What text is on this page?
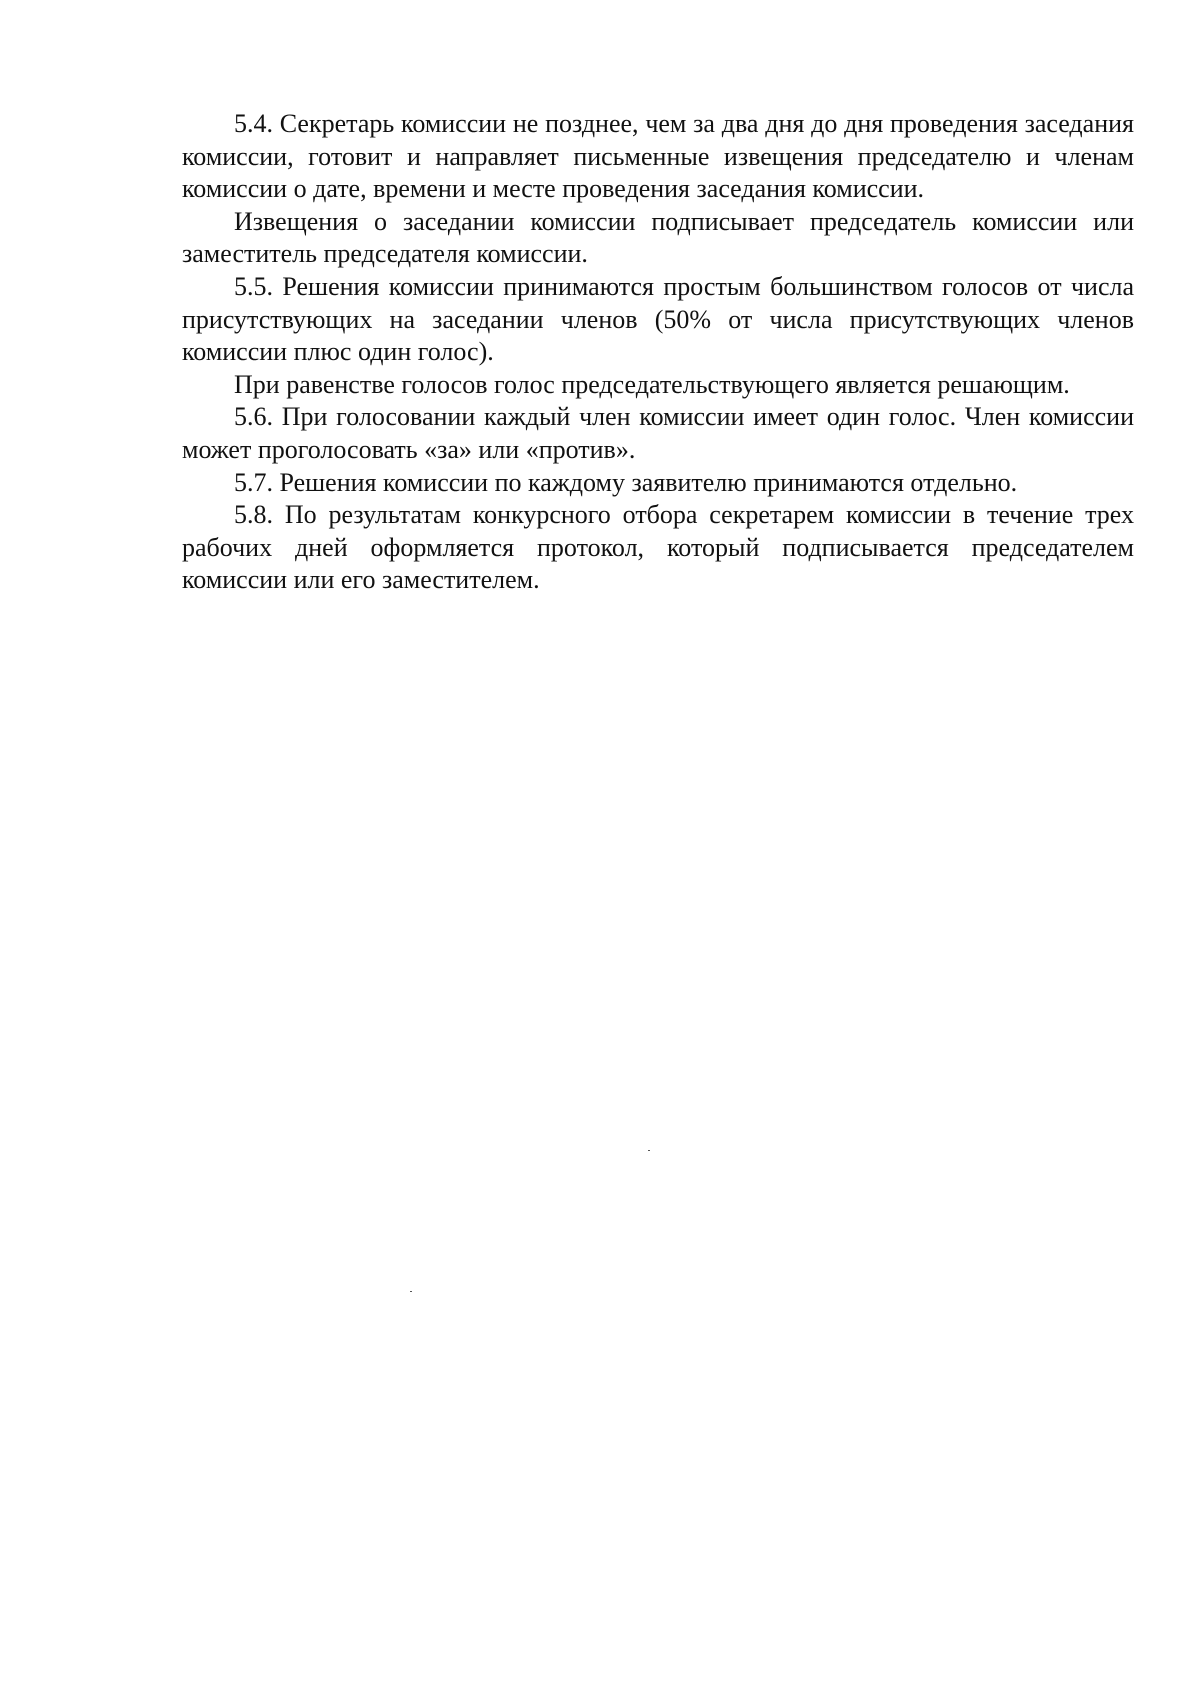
5.4. Секретарь комиссии не позднее, чем за два дня до дня проведения заседания комиссии, готовит и направляет письменные извещения председателю и членам комиссии о дате, времени и месте проведения заседания комиссии.

Извещения о заседании комиссии подписывает председатель комиссии или заместитель председателя комиссии.

5.5. Решения комиссии принимаются простым большинством голосов от числа присутствующих на заседании членов (50% от числа присутствующих членов комиссии плюс один голос).

При равенстве голосов голос председательствующего является решающим.

5.6. При голосовании каждый член комиссии имеет один голос. Член комиссии может проголосовать «за» или «против».

5.7. Решения комиссии по каждому заявителю принимаются отдельно.

5.8. По результатам конкурсного отбора секретарем комиссии в течение трех рабочих дней оформляется протокол, который подписывается председателем комиссии или его заместителем.
